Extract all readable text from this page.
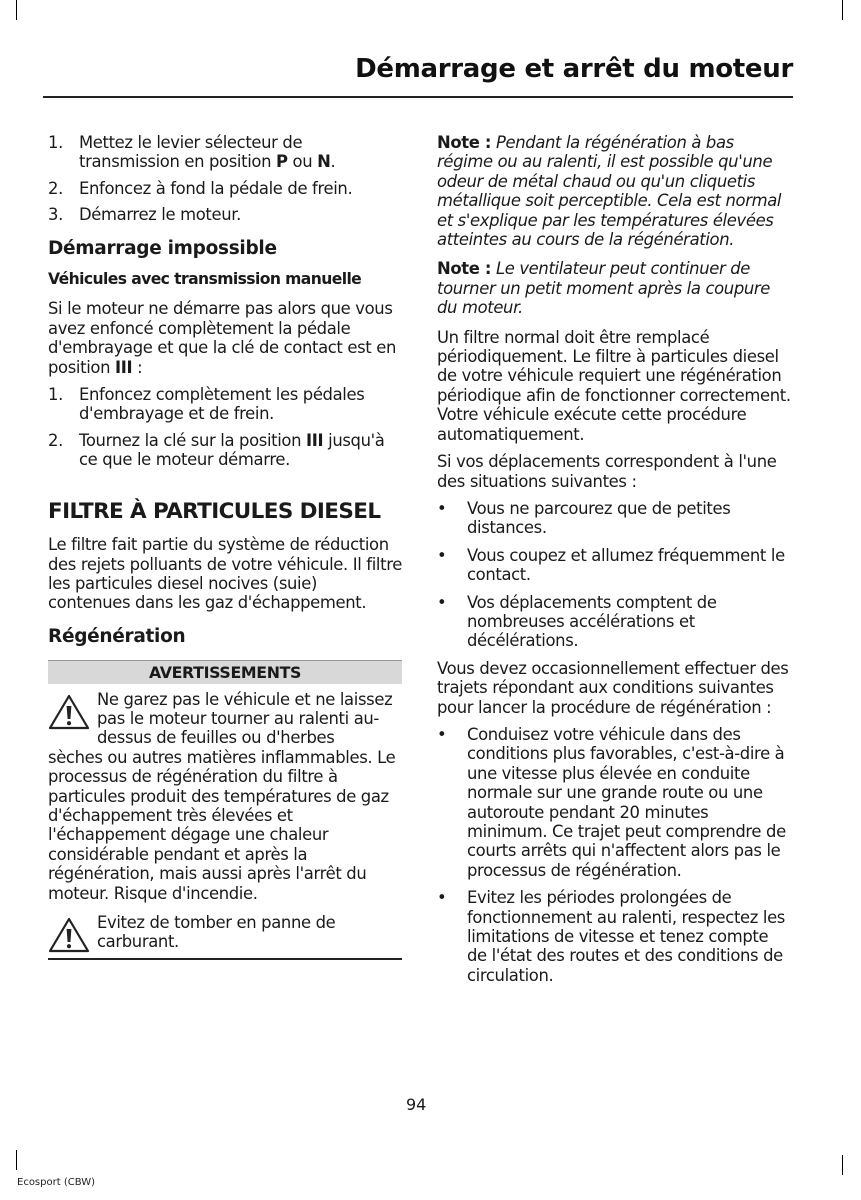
Démarrage et arrêt du moteur
1. Mettez le levier sélecteur de transmission en position P ou N.
2. Enfoncez à fond la pédale de frein.
3. Démarrez le moteur.
Démarrage impossible
Véhicules avec transmission manuelle

Si le moteur ne démarre pas alors que vous avez enfoncé complètement la pédale d'embrayage et que la clé de contact est en position III :

1. Enfoncez complètement les pédales d'embrayage et de frein.
2. Tournez la clé sur la position III jusqu'à ce que le moteur démarre.
FILTRE À PARTICULES DIESEL

Le filtre fait partie du système de réduction des rejets polluants de votre véhicule. Il filtre les particules diesel nocives (suie) contenues dans les gaz d'échappement.

Régénération
AVERTISSEMENTS
Ne garez pas le véhicule et ne laissez pas le moteur tourner au ralenti au-dessus de feuilles ou d'herbes
sèches ou autres matières inflammables. Le processus de régénération du filtre à particules produit des températures de gaz d'échappement très élevées et l'échappement dégage une chaleur considérable pendant et après la régénération, mais aussi après l'arrêt du moteur. Risque d'incendie.
Evitez de tomber en panne de carburant.

Note : Pendant la régénération à bas régime ou au ralenti, il est possible qu'une odeur de métal chaud ou qu'un cliquetis métallique soit perceptible. Cela est normal et s'explique par les températures élevées atteintes au cours de la régénération.

Note : Le ventilateur peut continuer de tourner un petit moment après la coupure du moteur.

Un filtre normal doit être remplacé périodiquement. Le filtre à particules diesel de votre véhicule requiert une régénération périodique afin de fonctionner correctement. Votre véhicule exécute cette procédure automatiquement.

Si vos déplacements correspondent à l'une des situations suivantes :

• Vous ne parcourez que de petites distances.
• Vous coupez et allumez fréquemment le contact.
• Vos déplacements comptent de nombreuses accélérations et décélérations.

Vous devez occasionnellement effectuer des trajets répondant aux conditions suivantes pour lancer la procédure de régénération :

• Conduisez votre véhicule dans des conditions plus favorables, c'est-à-dire à une vitesse plus élevée en conduite normale sur une grande route ou une autoroute pendant 20 minutes minimum. Ce trajet peut comprendre de courts arrêts qui n'affectent alors pas le processus de régénération.
• Evitez les périodes prolongées de fonctionnement au ralenti, respectez les limitations de vitesse et tenez compte de l'état des routes et des conditions de circulation.
94
Ecosport (CBW)
